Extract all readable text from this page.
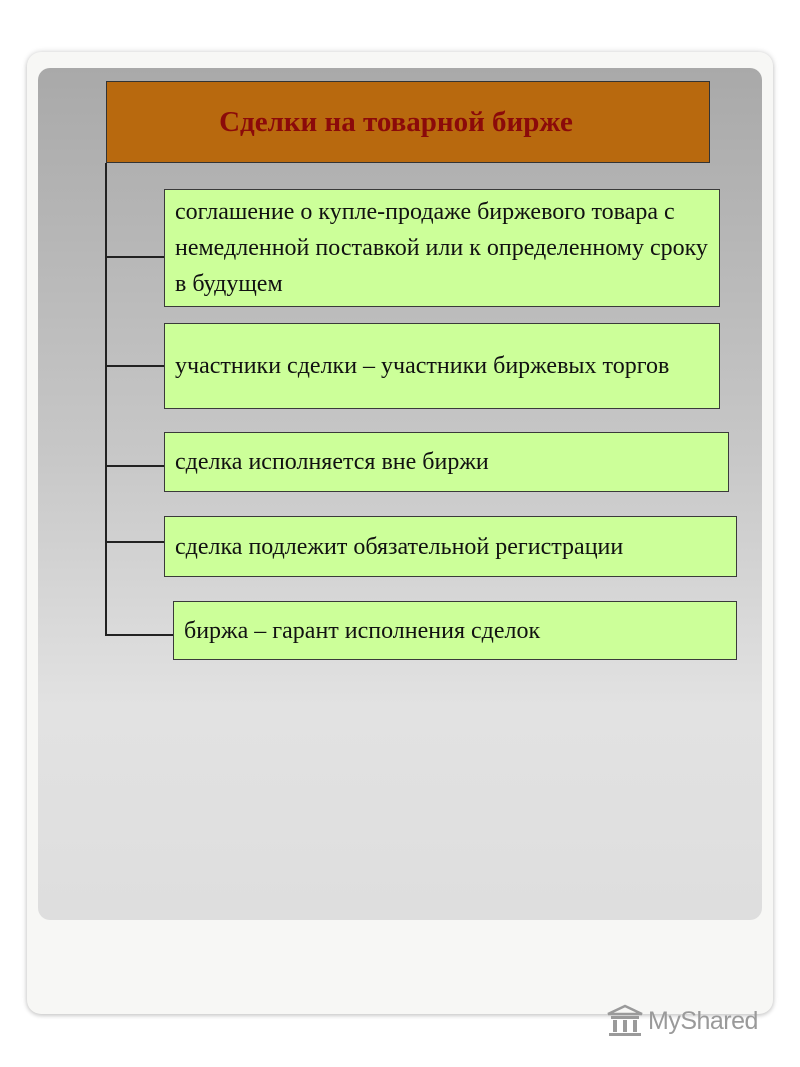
Сделки на товарной бирже
соглашение о купле-продаже биржевого товара с немедленной поставкой или к определенному сроку в будущем
участники сделки – участники биржевых торгов
сделка исполняется вне биржи
сделка подлежит обязательной регистрации
биржа – гарант исполнения сделок
MyShared
